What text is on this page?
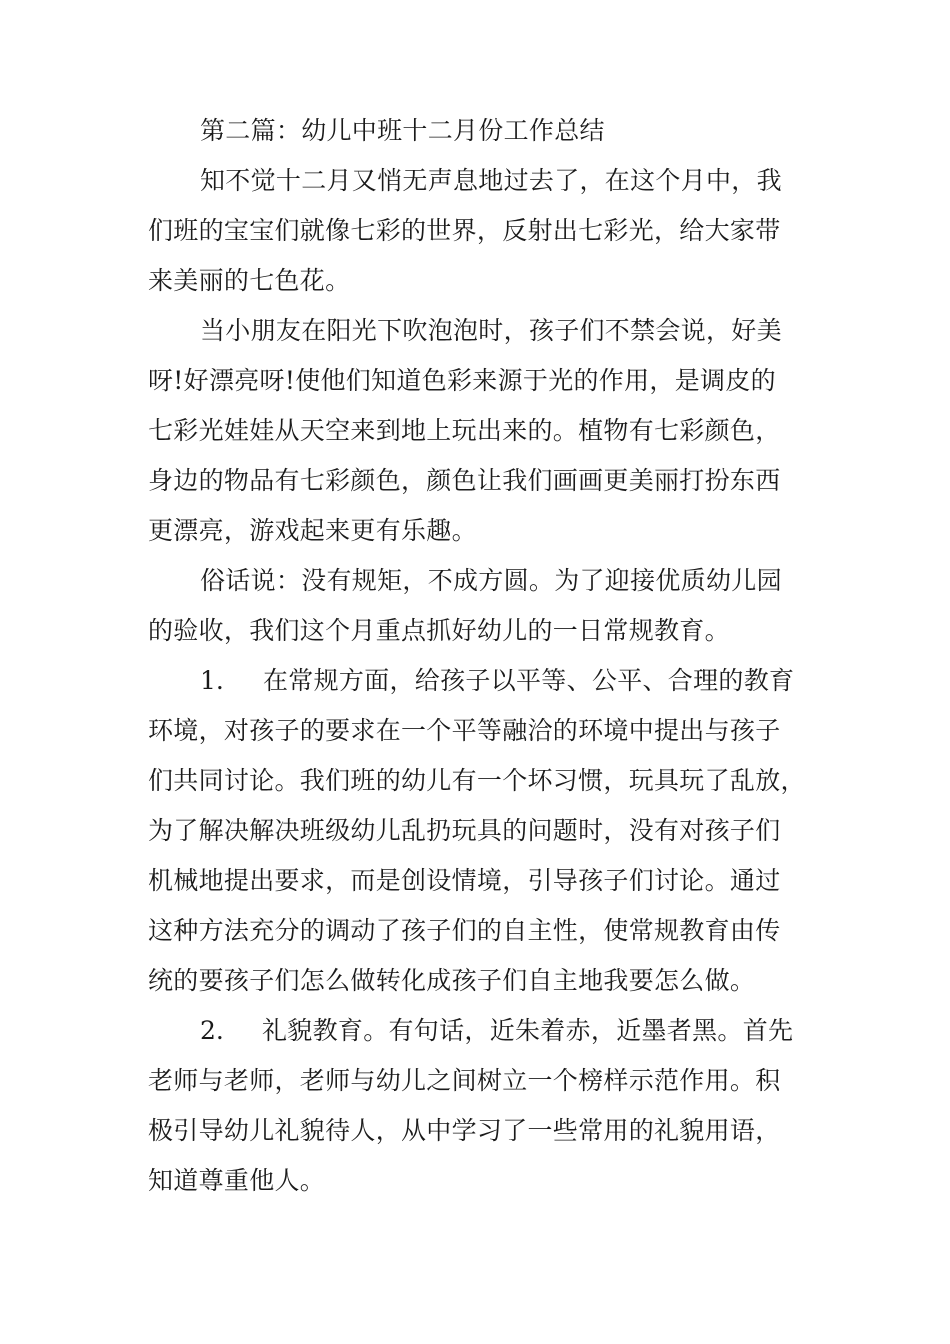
第二篇：幼儿中班十二月份工作总结
知不觉十二月又悄无声息地过去了，在这个月中，我
们班的宝宝们就像七彩的世界，反射出七彩光，给大家带
来美丽的七色花。
当小朋友在阳光下吹泡泡时，孩子们不禁会说，好美
呀!好漂亮呀!使他们知道色彩来源于光的作用，是调皮的
七彩光娃娃从天空来到地上玩出来的。植物有七彩颜色，
身边的物品有七彩颜色，颜色让我们画画更美丽打扮东西
更漂亮，游戏起来更有乐趣。
俗话说：没有规矩，不成方圆。为了迎接优质幼儿园
的验收，我们这个月重点抓好幼儿的一日常规教育。
1. 在常规方面，给孩子以平等、公平、合理的教育
环境，对孩子的要求在一个平等融洽的环境中提出与孩子
们共同讨论。我们班的幼儿有一个坏习惯，玩具玩了乱放，
为了解决解决班级幼儿乱扔玩具的问题时，没有对孩子们
机械地提出要求，而是创设情境，引导孩子们讨论。通过
这种方法充分的调动了孩子们的自主性，使常规教育由传
统的要孩子们怎么做转化成孩子们自主地我要怎么做。
2. 礼貌教育。有句话，近朱着赤，近墨者黑。首先
老师与老师，老师与幼儿之间树立一个榜样示范作用。积
极引导幼儿礼貌待人，从中学习了一些常用的礼貌用语，
知道尊重他人。
